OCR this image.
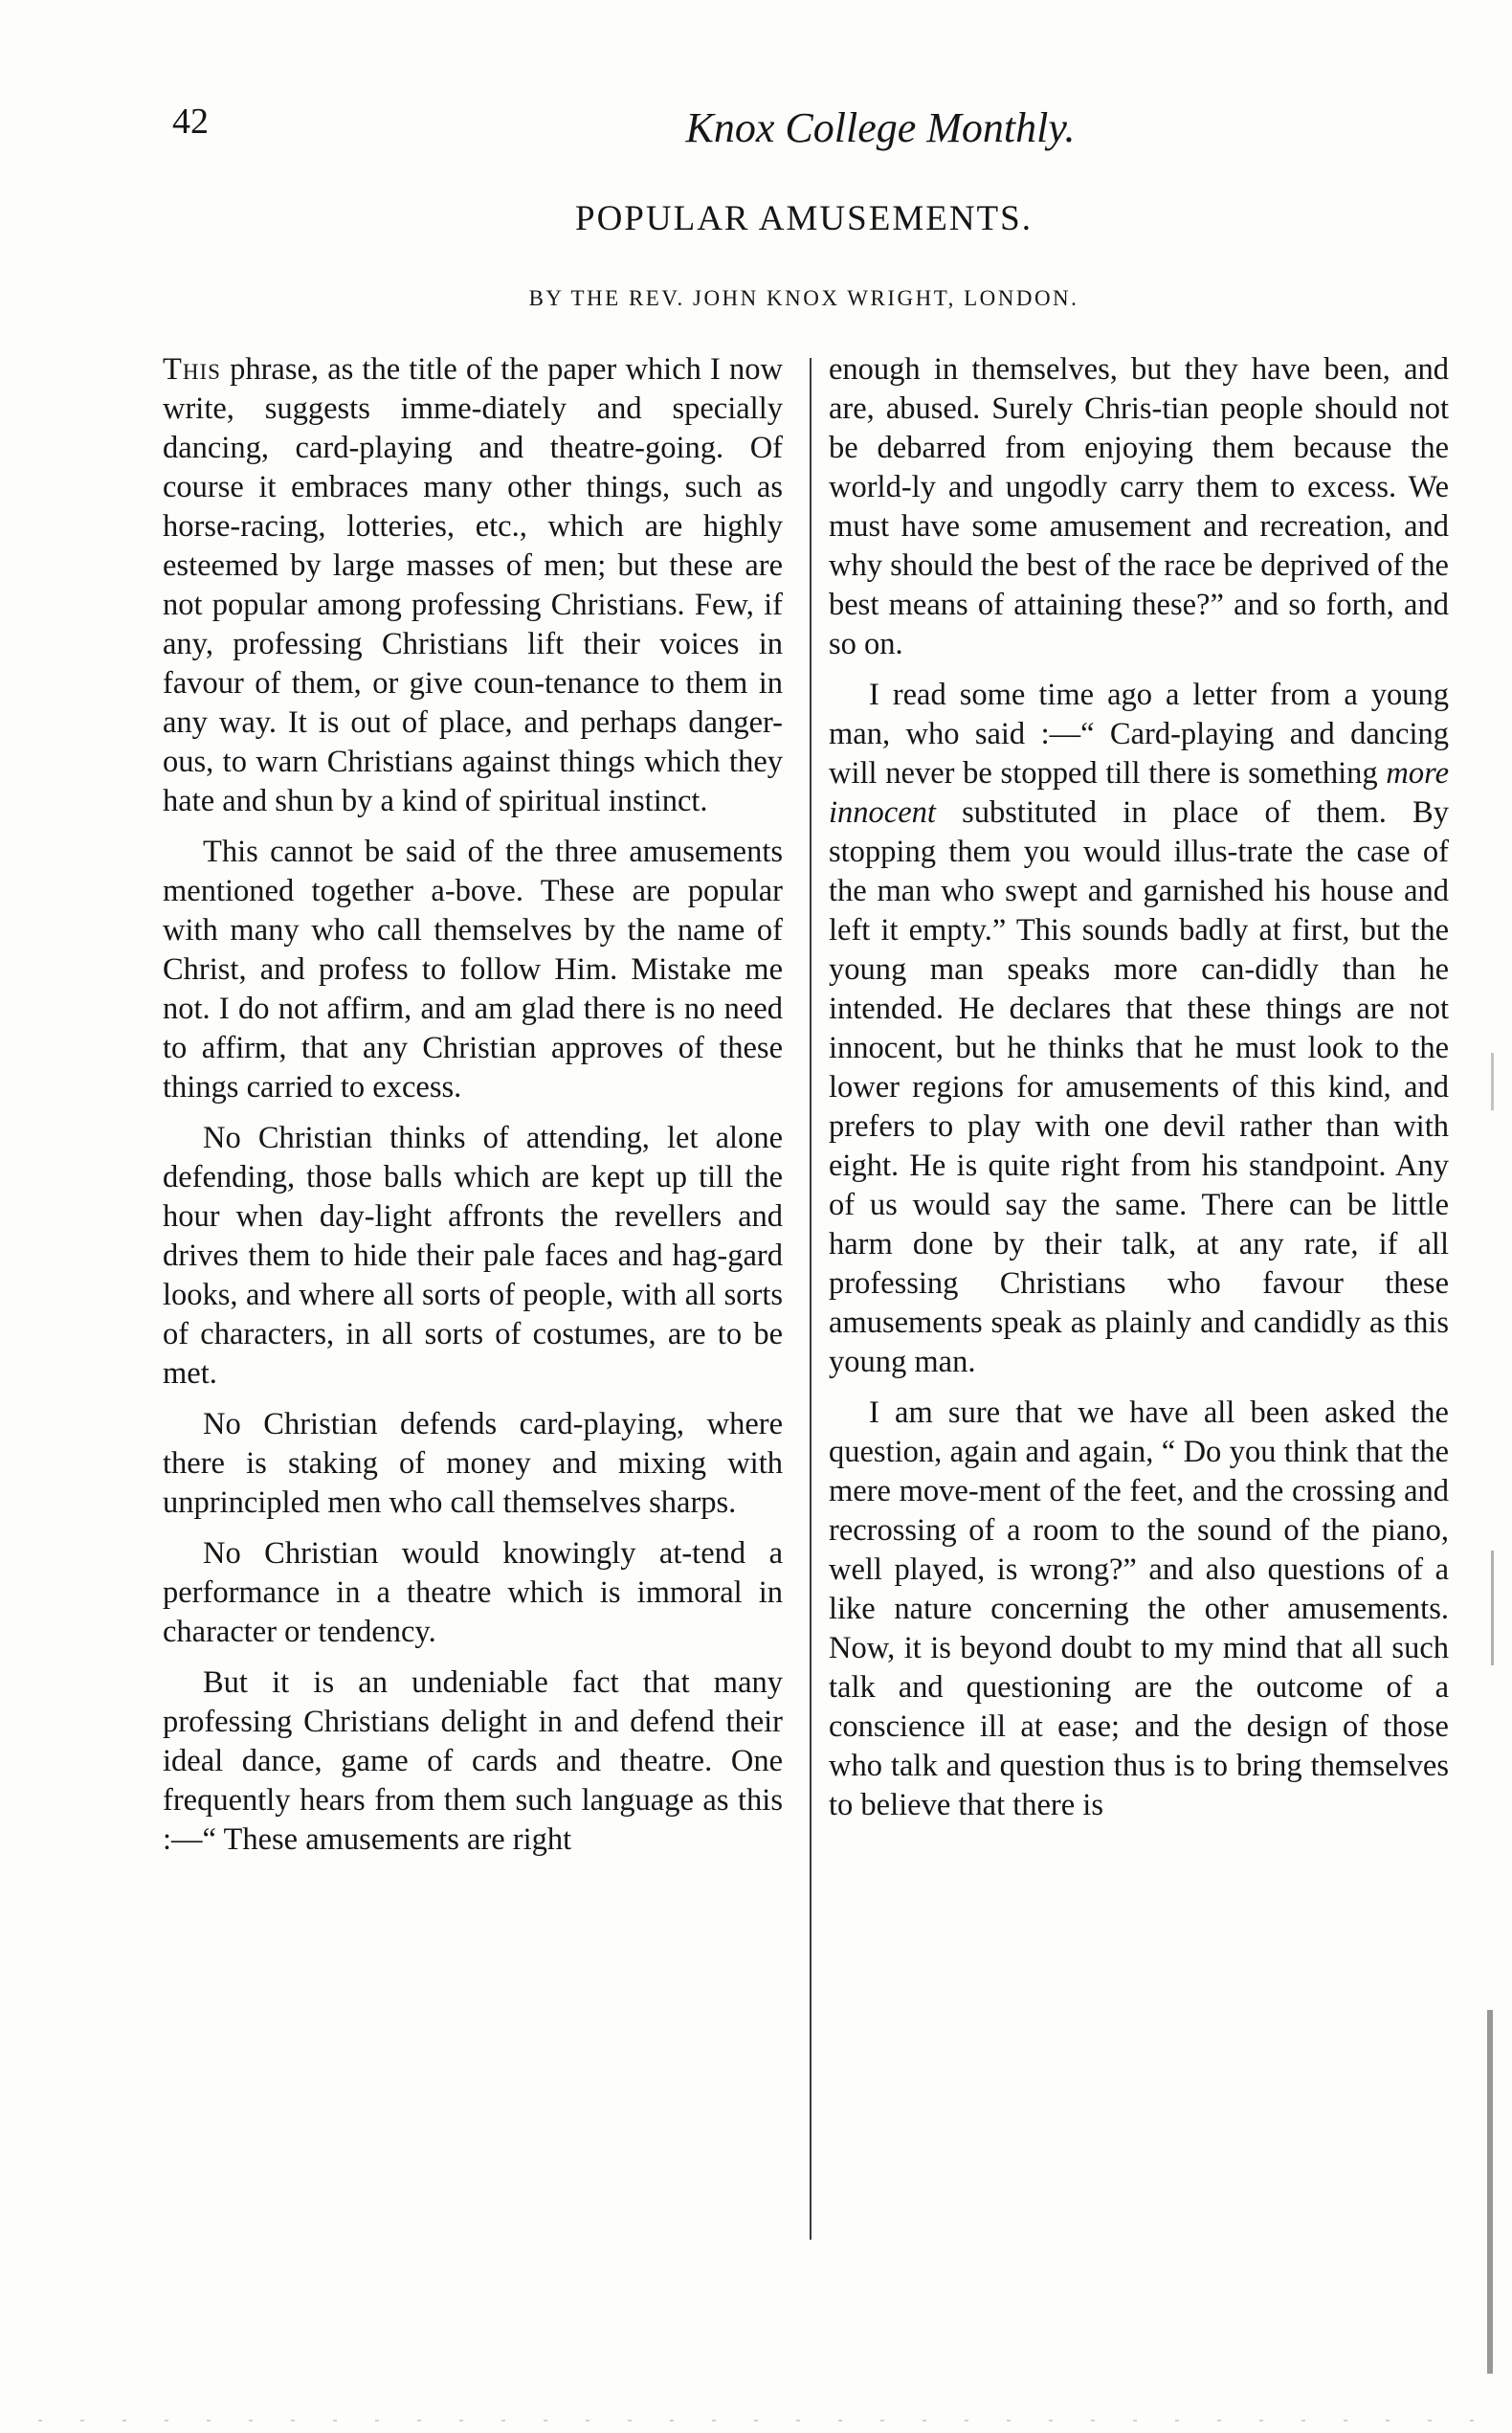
42	Knox College Monthly.
POPULAR AMUSEMENTS.
BY THE REV. JOHN KNOX WRIGHT, LONDON.

This phrase, as the title of the paper which I now write, suggests imme-diately and specially dancing, card-playing and theatre-going. Of course it embraces many other things, such as horse-racing, lotteries, etc., which are highly esteemed by large masses of men; but these are not popular among professing Christians. Few, if any, professing Christians lift their voices in favour of them, or give coun-tenance to them in any way. It is out of place, and perhaps danger-ous, to warn Christians against things which they hate and shun by a kind of spiritual instinct.

This cannot be said of the three amusements mentioned together a-bove. These are popular with many who call themselves by the name of Christ, and profess to follow Him. Mistake me not. I do not affirm, and am glad there is no need to affirm, that any Christian approves of these things carried to excess.

No Christian thinks of attending, let alone defending, those balls which are kept up till the hour when day-light affronts the revellers and drives them to hide their pale faces and hag-gard looks, and where all sorts of people, with all sorts of characters, in all sorts of costumes, are to be met.

No Christian defends card-playing, where there is staking of money and mixing with unprincipled men who call themselves sharps.

No Christian would knowingly at-tend a performance in a theatre which is immoral in character or tendency.

But it is an undeniable fact that many professing Christians delight in and defend their ideal dance, game of cards and theatre. One frequently hears from them such language as this :—“ These amusements are right

enough in themselves, but they have been, and are, abused. Surely Chris-tian people should not be debarred from enjoying them because the world-ly and ungodly carry them to excess. We must have some amusement and recreation, and why should the best of the race be deprived of the best means of attaining these?” and so forth, and so on.

I read some time ago a letter from a young man, who said :—“ Card-playing and dancing will never be stopped till there is something more innocent substituted in place of them. By stopping them you would illus-trate the case of the man who swept and garnished his house and left it empty.” This sounds badly at first, but the young man speaks more can-didly than he intended. He declares that these things are not innocent, but he thinks that he must look to the lower regions for amusements of this kind, and prefers to play with one devil rather than with eight. He is quite right from his standpoint. Any of us would say the same. There can be little harm done by their talk, at any rate, if all professing Christians who favour these amusements speak as plainly and candidly as this young man.

I am sure that we have all been asked the question, again and again, “ Do you think that the mere move-ment of the feet, and the crossing and recrossing of a room to the sound of the piano, well played, is wrong?” and also questions of a like nature concerning the other amusements. Now, it is beyond doubt to my mind that all such talk and questioning are the outcome of a conscience ill at ease; and the design of those who talk and question thus is to bring themselves to believe that there is
